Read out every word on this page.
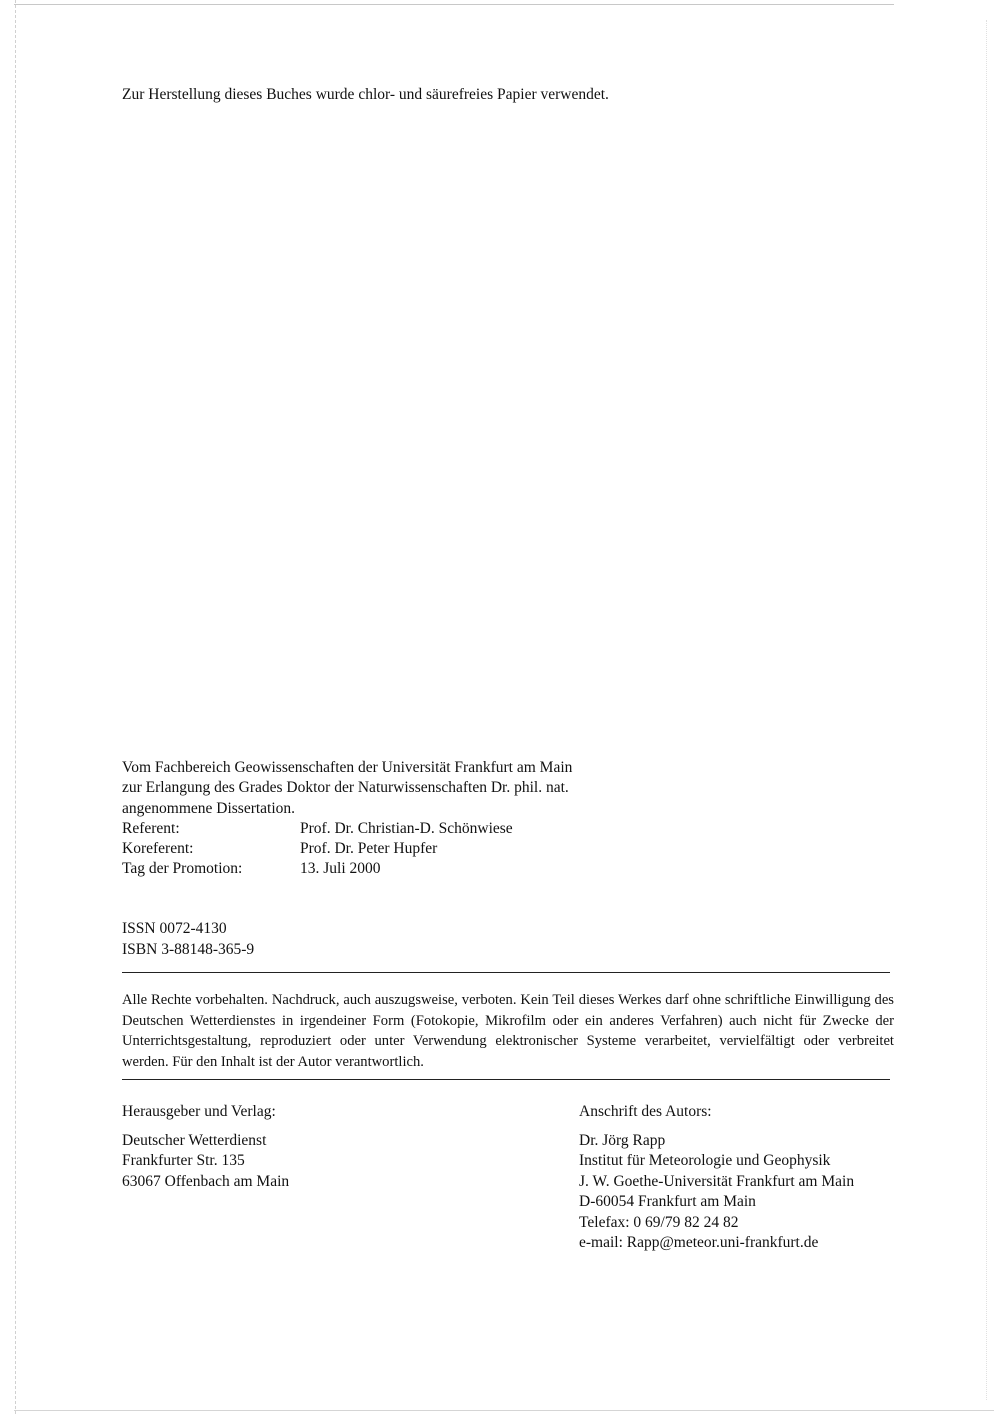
Zur Herstellung dieses Buches wurde chlor- und säurefreies Papier verwendet.
Vom Fachbereich Geowissenschaften der Universität Frankfurt am Main
zur Erlangung des Grades Doktor der Naturwissenschaften Dr. phil. nat.
angenommene Dissertation.
Referent:	Prof. Dr. Christian-D. Schönwiese
Koreferent:	Prof. Dr. Peter Hupfer
Tag der Promotion:	13. Juli 2000
ISSN 0072-4130
ISBN 3-88148-365-9
Alle Rechte vorbehalten. Nachdruck, auch auszugsweise, verboten. Kein Teil dieses Werkes darf ohne schriftliche Einwilligung des Deutschen Wetterdienstes in irgendeiner Form (Fotokopie, Mikrofilm oder ein anderes Verfahren) auch nicht für Zwecke der Unterrichtsgestaltung, reproduziert oder unter Verwendung elektronischer Systeme verarbeitet, vervielfältigt oder verbreitet werden. Für den Inhalt ist der Autor verantwortlich.
Herausgeber und Verlag:
Deutscher Wetterdienst
Frankfurter Str. 135
63067 Offenbach am Main
Anschrift des Autors:
Dr. Jörg Rapp
Institut für Meteorologie und Geophysik
J. W. Goethe-Universität Frankfurt am Main
D-60054 Frankfurt am Main
Telefax: 0 69/79 82 24 82
e-mail: Rapp@meteor.uni-frankfurt.de
